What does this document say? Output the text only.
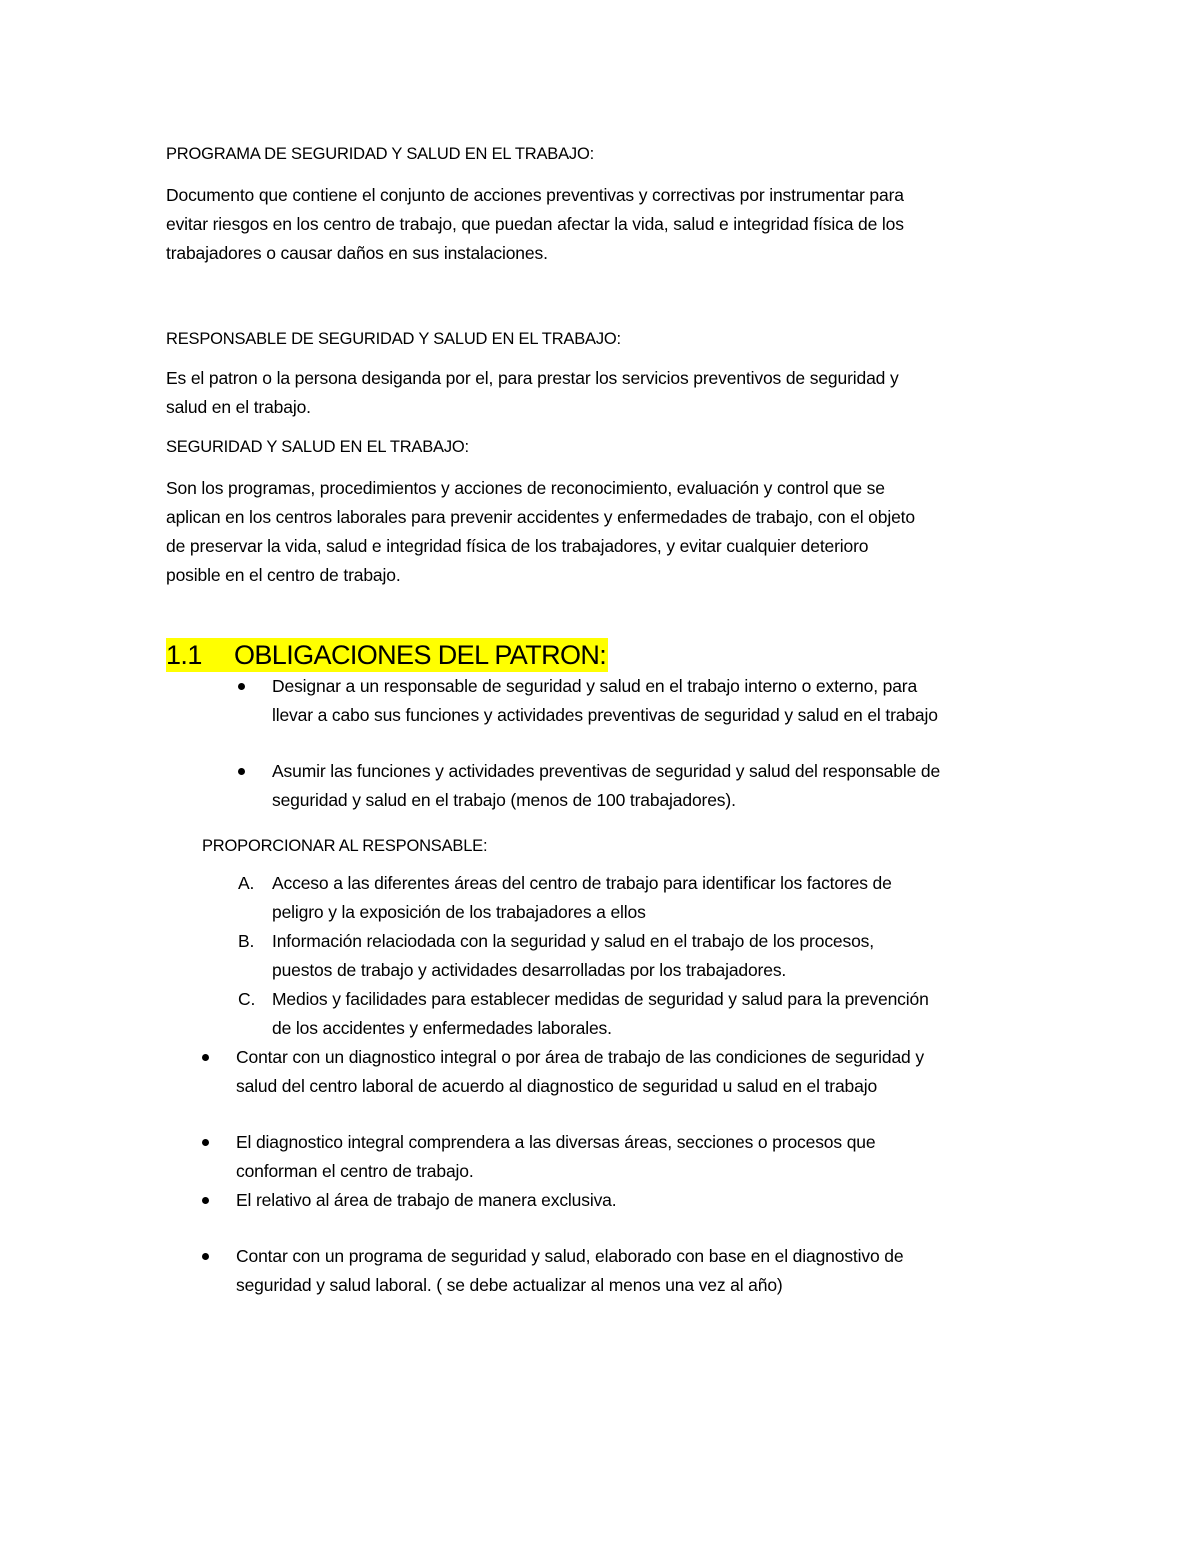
PROGRAMA DE SEGURIDAD Y SALUD EN EL TRABAJO:

Documento que contiene el conjunto de acciones preventivas y correctivas por instrumentar para
evitar riesgos en los centro de trabajo, que puedan afectar la vida, salud e integridad física de los
trabajadores o causar daños en sus instalaciones.

RESPONSABLE DE SEGURIDAD Y SALUD EN EL TRABAJO:

Es el patron o la persona desiganda por el, para prestar los servicios preventivos de seguridad y
salud en el trabajo.

SEGURIDAD Y SALUD EN EL TRABAJO:

Son los programas, procedimientos y acciones de reconocimiento, evaluación y control que se
aplican en los centros laborales para prevenir accidentes y enfermedades de trabajo, con el objeto
de preservar la vida, salud e integridad física de los trabajadores, y evitar cualquier deterioro
posible en el centro de trabajo.
1.1 OBLIGACIONES DEL PATRON:
Designar a un responsable de seguridad y salud en el trabajo interno o externo, para
llevar a cabo sus funciones y actividades preventivas de seguridad y salud en el trabajo
Asumir las funciones y actividades preventivas de seguridad y salud del responsable de
seguridad y salud en el trabajo (menos de 100 trabajadores).

PROPORCIONAR AL RESPONSABLE:

A. Acceso a las diferentes áreas del centro de trabajo para identificar los factores de
peligro y la exposición de los trabajadores a ellos
B. Información relaciodada con la seguridad y salud en el trabajo de los procesos,
puestos de trabajo y actividades desarrolladas por los trabajadores.
C. Medios y facilidades para establecer medidas de seguridad y salud para la prevención
de los accidentes y enfermedades laborales.
Contar con un diagnostico integral o por área de trabajo de las condiciones de seguridad y
salud del centro laboral de acuerdo al diagnostico de seguridad u salud en el trabajo
El diagnostico integral comprendera a las diversas áreas, secciones o procesos que
conforman el centro de trabajo.
El relativo al área de trabajo de manera exclusiva.
Contar con un programa de seguridad y salud, elaborado con base en el diagnostivo de
seguridad y salud laboral. ( se debe actualizar al menos una vez al año)
